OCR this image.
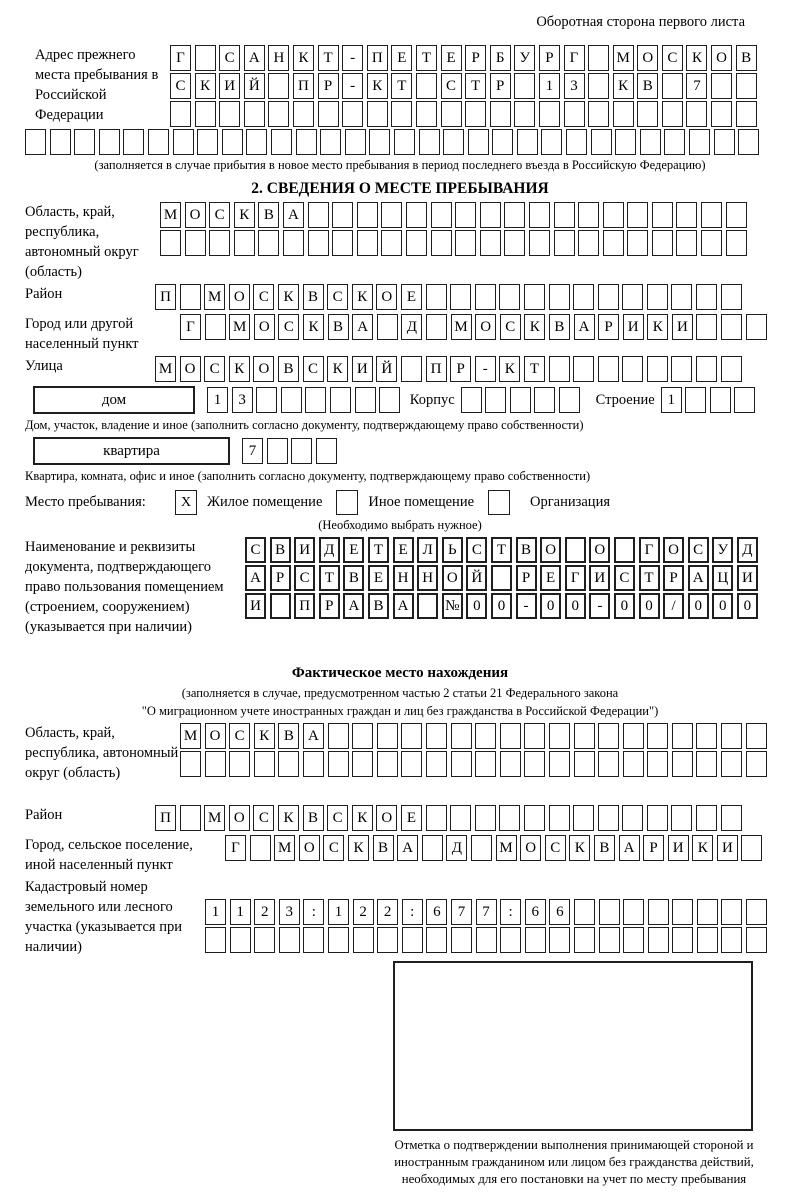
Оборотная сторона первого листа
Адрес прежнего места пребывания в Российской Федерации
Г	С А Н К	Т	-	П Е	Т	Е	Р	Б У	Р	Г	М О С К О В
С К И Й	П	Р	-	К	Т	С	Т	Р	1	3	К В	7
(заполняется в случае прибытия в новое место пребывания в период последнего въезда в Российскую Федерацию)
2. СВЕДЕНИЯ О МЕСТЕ ПРЕБЫВАНИЯ
Область, край, республика, автономный округ (область)
М О С К В А
Район	П	М О С К В С К О Е
Город или другой населенный пункт
Г	М О С К В А	Д	М О С К В А	Р	И К И
Улица	М О С К О В С К И Й	П	Р	-	К	Т
дом	1	3	Корпус	Строение 1
Дом, участок, владение и иное (заполнить согласно документу, подтверждающему право собственности)
квартира	7
Квартира, комната, офис и иное (заполнить согласно документу, подтверждающему право собственности)
Место пребывания:	X	Жилое помещение	Иное помещение	Организация
(Необходимо выбрать нужное)
Наименование и реквизиты документа, подтверждающего право пользования помещением (строением, сооружением) (указывается при наличии)
С В И Д Е	Т	Е Л	Ь	С	Т	В О	О	Г О С У Д
А	Р	С	Т	В	Е Н Н О Й	Р	Е	Г И С	Т	Р	А Ц И
И	П	Р	А В А	№ 0	0	-	0	0	-	0	0	/	0	0	0
Фактическое место нахождения
(заполняется в случае, предусмотренном частью 2 статьи 21 Федерального закона
"О миграционном учете иностранных граждан и лиц без гражданства в Российской Федерации")
Область, край, республика, автономный округ (область)
М О С К В А
Район	П	М О С К В С К О Е
Город, сельское поселение, иной населенный пункт
Г	М О С К В А	Д	М О С К В А	Р	И К И
Кадастровый номер земельного или лесного участка (указывается при наличии)
1	1	2	3	:	1	2	2	:	6	7	7	:	6	6
Отметка о подтверждении выполнения принимающей стороной и иностранным гражданином или лицом без гражданства действий, необходимых для его постановки на учет по месту пребывания
